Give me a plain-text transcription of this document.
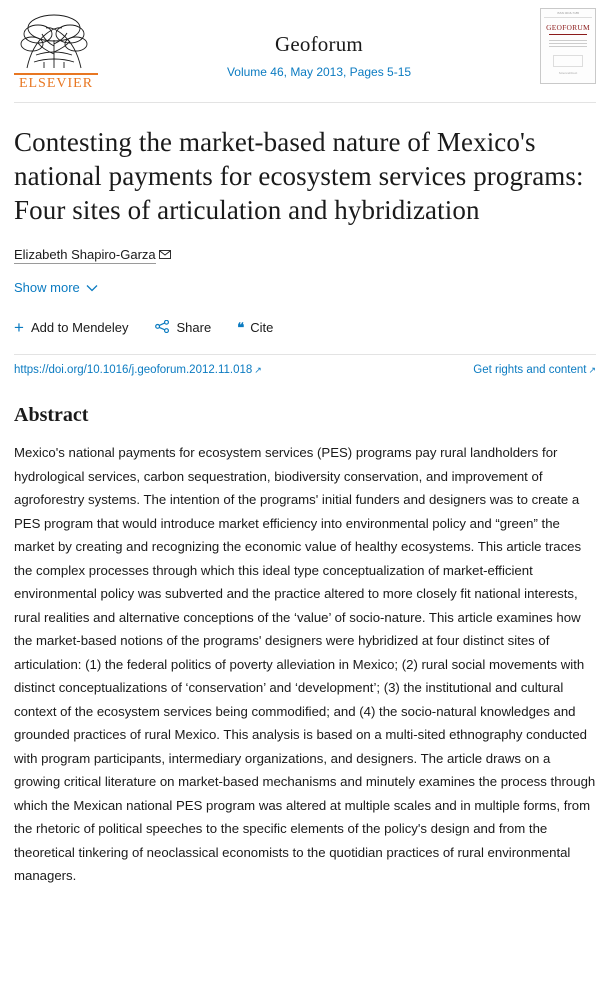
ELSEVIER
Geoforum
Volume 46, May 2013, Pages 5-15
ISSN 0016-7185
GEOFORUM
ScienceDirect
Contesting the market-based nature of Mexico's national payments for ecosystem services programs: Four sites of articulation and hybridization
Elizabeth Shapiro-Garza
Show more
+ Add to Mendeley	Share ❝ Cite
https://doi.org/10.1016/j.geoforum.2012.11.018 ↗	Get rights and content ↗
Abstract

Mexico's national payments for ecosystem services (PES) programs pay rural landholders for hydrological services, carbon sequestration, biodiversity conservation, and improvement of agroforestry systems. The intention of the programs' initial funders and designers was to create a PES program that would introduce market efficiency into environmental policy and “green” the market by creating and recognizing the economic value of healthy ecosystems. This article traces the complex processes through which this ideal type conceptualization of market-efficient environmental policy was subverted and the practice altered to more closely fit national interests, rural realities and alternative conceptions of the ‘value’ of socio-nature. This article examines how the market-based notions of the programs' designers were hybridized at four distinct sites of articulation: (1) the federal politics of poverty alleviation in Mexico; (2) rural social movements with distinct conceptualizations of ‘conservation’ and ‘development’; (3) the institutional and cultural context of the ecosystem services being commodified; and (4) the socio-natural knowledges and grounded practices of rural Mexico. This analysis is based on a multi-sited ethnography conducted with program participants, intermediary organizations, and designers. The article draws on a growing critical literature on market-based mechanisms and minutely examines the process through which the Mexican national PES program was altered at multiple scales and in multiple forms, from the rhetoric of political speeches to the specific elements of the policy's design and from the theoretical tinkering of neoclassical economists to the quotidian practices of rural environmental managers.
